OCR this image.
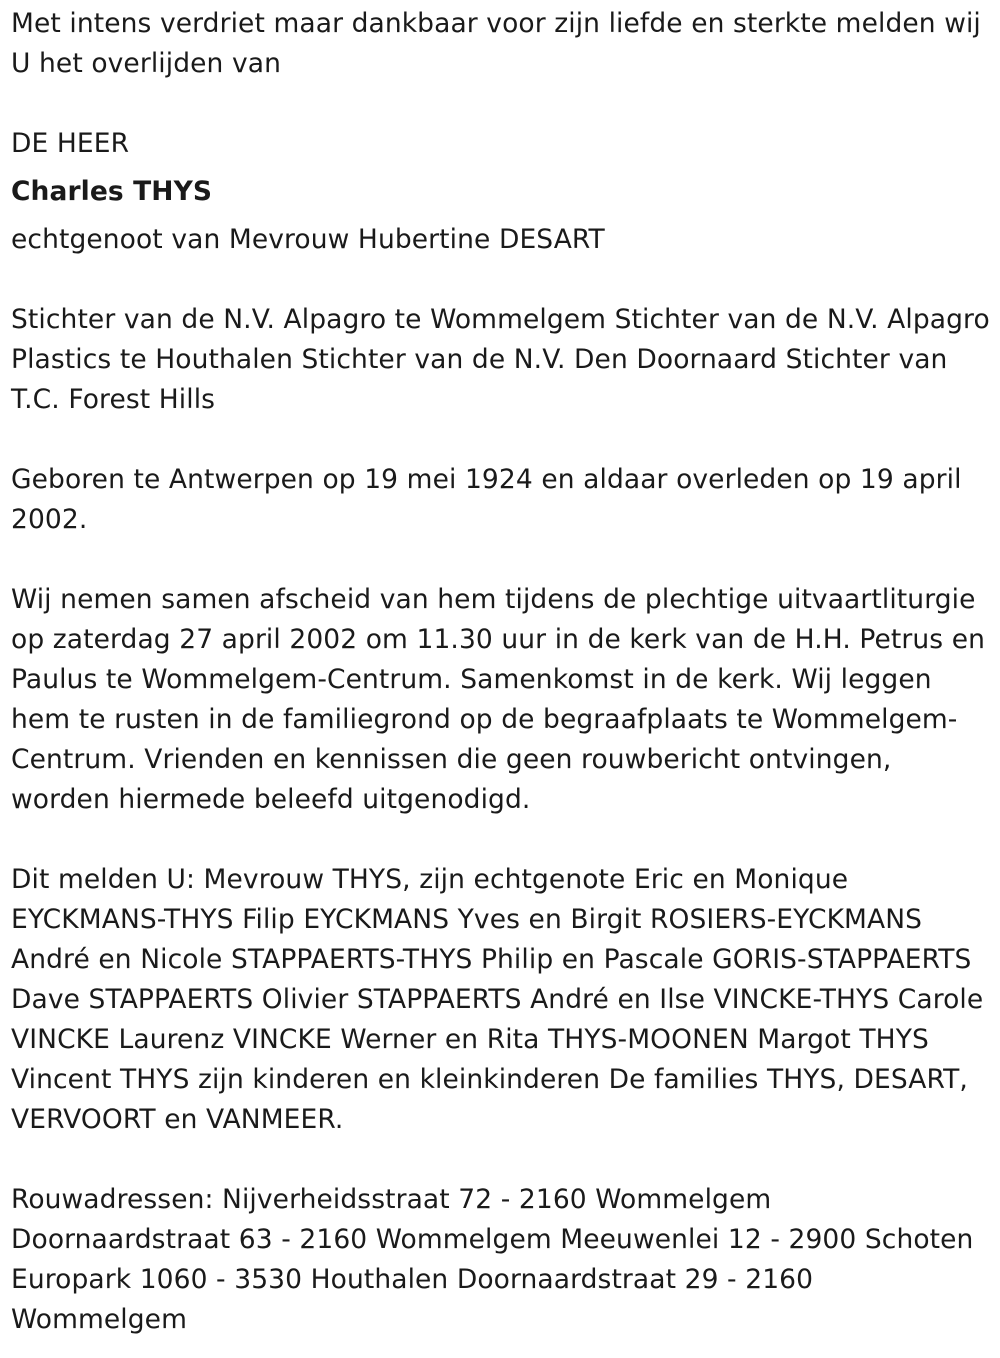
Met intens verdriet maar dankbaar voor zijn liefde en sterkte melden wij U het overlijden van

DE HEER

Charles THYS

echtgenoot van Mevrouw Hubertine DESART

Stichter van de N.V. Alpagro te Wommelgem Stichter van de N.V. Alpagro Plastics te Houthalen Stichter van de N.V. Den Doornaard Stichter van T.C. Forest Hills

Geboren te Antwerpen op 19 mei 1924 en aldaar overleden op 19 april 2002.

Wij nemen samen afscheid van hem tijdens de plechtige uitvaartliturgie op zaterdag 27 april 2002 om 11.30 uur in de kerk van de H.H. Petrus en Paulus te Wommelgem-Centrum. Samenkomst in de kerk. Wij leggen hem te rusten in de familiegrond op de begraafplaats te Wommelgem-Centrum. Vrienden en kennissen die geen rouwbericht ontvingen, worden hiermede beleefd uitgenodigd.

Dit melden U: Mevrouw THYS, zijn echtgenote Eric en Monique EYCKMANS-THYS Filip EYCKMANS Yves en Birgit ROSIERS-EYCKMANS André en Nicole STAPPAERTS-THYS Philip en Pascale GORIS-STAPPAERTS Dave STAPPAERTS Olivier STAPPAERTS André en Ilse VINCKE-THYS Carole VINCKE Laurenz VINCKE Werner en Rita THYS-MOONEN Margot THYS Vincent THYS zijn kinderen en kleinkinderen De families THYS, DESART, VERVOORT en VANMEER.

Rouwadressen: Nijverheidsstraat 72 - 2160 Wommelgem Doornaardstraat 63 - 2160 Wommelgem Meeuwenlei 12 - 2900 Schoten Europark 1060 - 3530 Houthalen Doornaardstraat 29 - 2160 Wommelgem
